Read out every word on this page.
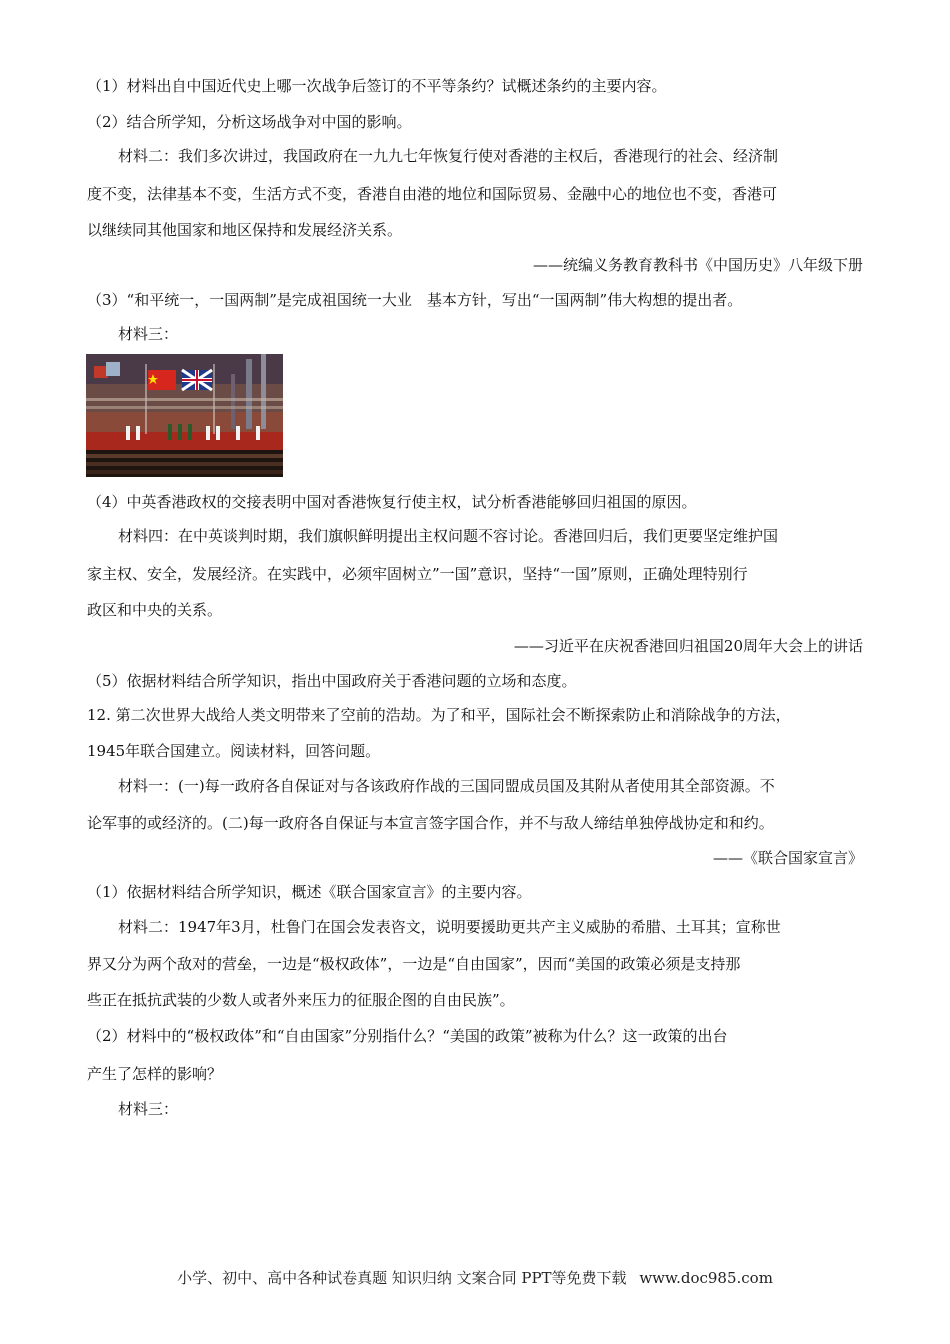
（1）材料出自中国近代史上哪一次战争后签订的不平等条约？试概述条约的主要内容。
（2）结合所学知，分析这场战争对中国的影响。
材料二：我们多次讲过，我国政府在一九九七年恢复行使对香港的主权后，香港现行的社会、经济制
度不变，法律基本不变，生活方式不变，香港自由港的地位和国际贸易、金融中心的地位也不变，香港可
以继续同其他国家和地区保持和发展经济关系。
——统编义务教育教科书《中国历史》八年级下册
（3）“和平统一，一国两制”是完成祖国统一大业　基本方针，写出“一国两制”伟大构想的提出者。
材料三：
（4）中英香港政权的交接表明中国对香港恢复行使主权，试分析香港能够回归祖国的原因。
材料四：在中英谈判时期，我们旗帜鲜明提出主权问题不容讨论。香港回归后，我们更要坚定维护国
家主权、安全，发展经济。在实践中，必须牢固树立”一国”意识，坚持“一国”原则，正确处理特别行
政区和中央的关系。
——习近平在庆祝香港回归祖国20周年大会上的讲话
（5）依据材料结合所学知识，指出中国政府关于香港问题的立场和态度。
12. 第二次世界大战给人类文明带来了空前的浩劫。为了和平，国际社会不断探索防止和消除战争的方法，
1945年联合国建立。阅读材料，回答问题。
材料一：(一)每一政府各自保证对与各该政府作战的三国同盟成员国及其附从者使用其全部资源。不
论军事的或经济的。(二)每一政府各自保证与本宣言签字国合作，并不与敌人缔结单独停战协定和和约。
——《联合国家宣言》
（1）依据材料结合所学知识，概述《联合国家宣言》的主要内容。
材料二：1947年3月，杜鲁门在国会发表咨文，说明要援助更共产主义威胁的希腊、土耳其；宣称世
界又分为两个敌对的营垒，一边是“极权政体”，一边是“自由国家”，因而“美国的政策必须是支持那
些正在抵抗武装的少数人或者外来压力的征服企图的自由民族”。
（2）材料中的“极权政体”和“自由国家”分别指什么？“美国的政策”被称为什么？这一政策的出台
产生了怎样的影响？
材料三：
小学、初中、高中各种试卷真题 知识归纳 文案合同 PPT等免费下载 www.doc985.com
